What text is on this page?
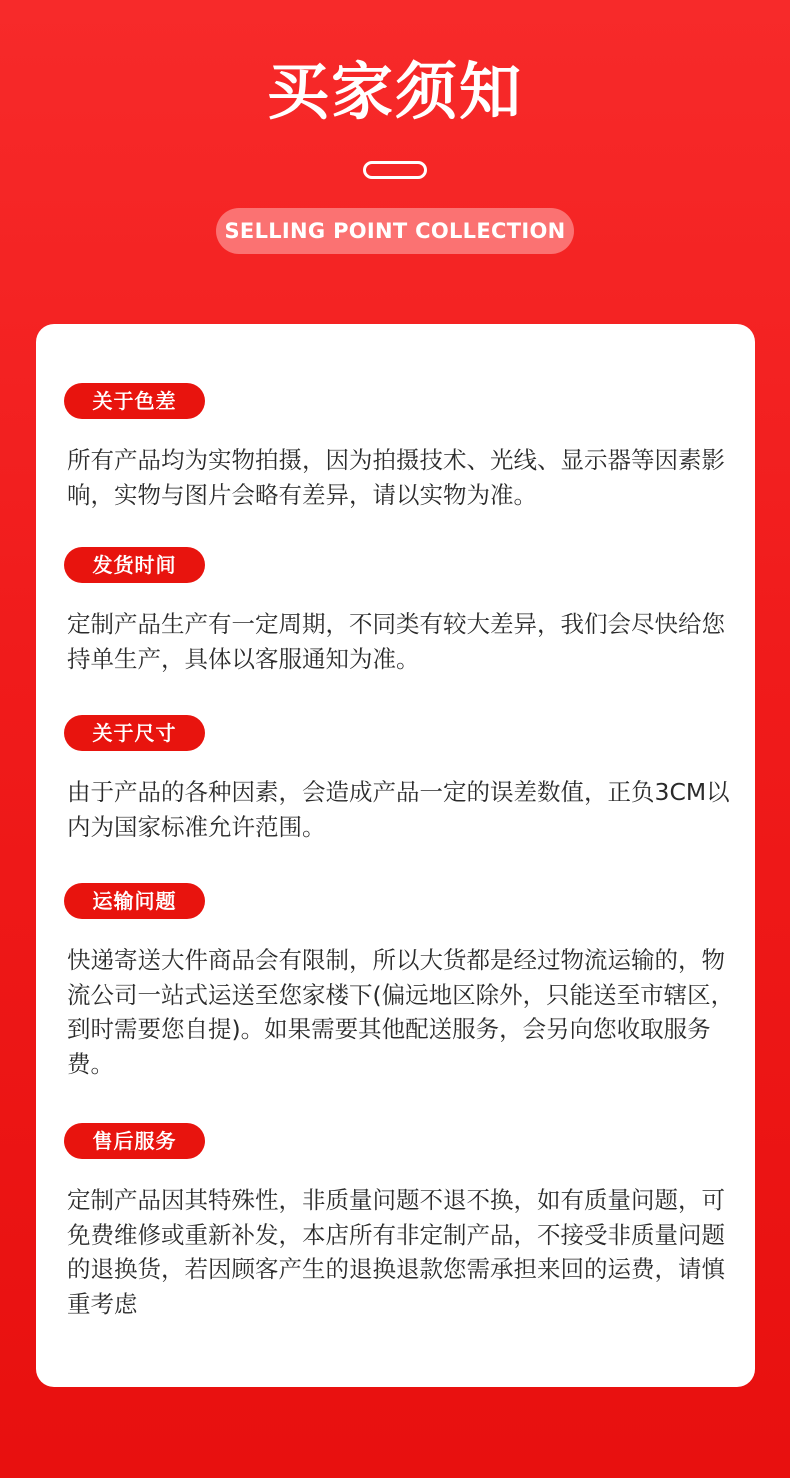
买家须知
SELLING POINT COLLECTION
关于色差

所有产品均为实物拍摄，因为拍摄技术、光线、显示器等因素影响，实物与图片会略有差异，请以实物为准。

发货时间

定制产品生产有一定周期，不同类有较大差异，我们会尽快给您持单生产，具体以客服通知为准。

关于尺寸

由于产品的各种因素，会造成产品一定的误差数值，正负3CM以内为国家标准允许范围。

运输问题

快递寄送大件商品会有限制，所以大货都是经过物流运输的，物流公司一站式运送至您家楼下(偏远地区除外，只能送至市辖区，到时需要您自提)。如果需要其他配送服务，会另向您收取服务费。

售后服务

定制产品因其特殊性，非质量问题不退不换，如有质量问题，可免费维修或重新补发，本店所有非定制产品，不接受非质量问题的退换货，若因顾客产生的退换退款您需承担来回的运费，请慎重考虑
